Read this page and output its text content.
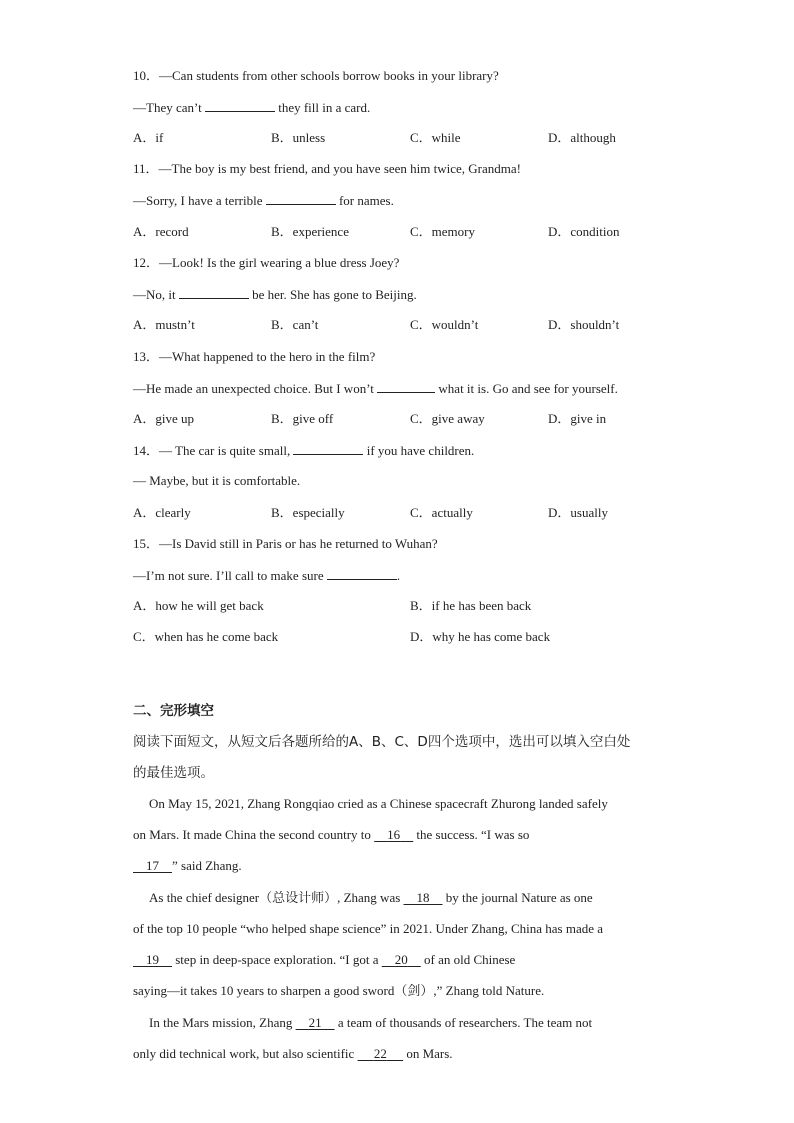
10．—Can students from other schools borrow books in your library?
—They can’t	they fill in a card.
A．if	B．unless	C．while	D．although
11．—The boy is my best friend, and you have seen him twice, Grandma!
—Sorry, I have a terrible	for names.
A．record	B．experience	C．memory	D．condition
12．—Look! Is the girl wearing a blue dress Joey?
—No, it	be her. She has gone to Beijing.
A．mustn’t	B．can’t	C．wouldn’t	D．shouldn’t
13．—What happened to the hero in the film?
—He made an unexpected choice. But I won’t	what it is. Go and see for yourself.
A．give up	B．give off	C．give away	D．give in
14．— The car is quite small,	if you have children.
— Maybe, but it is comfortable.
A．clearly	B．especially	C．actually	D．usually
15．—Is David still in Paris or has he returned to Wuhan?
—I’m not sure. I’ll call to make sure	.
A．how he will get back	B．if he has been back
C．when has he come back	D．why he has come back
二、完形填空
阅读下面短文，从短文后各题所给的A、B、C、D四个选项中，选出可以填入空白处
的最佳选项。
On May 15, 2021, Zhang Rongqiao cried as a Chinese spacecraft Zhurong landed safely
on Mars. It made China the second country to     16     the success. “I was so
17 ” said Zhang.
As the chief designer（总设计师）, Zhang was     18     by the journal Nature as one
of the top 10 people “who helped shape science” in 2021. Under Zhang, China has made a
19     step in deep-space exploration. “I got a     20     of an old Chinese
saying—it takes 10 years to sharpen a good sword（剑）,” Zhang told Nature.
In the Mars mission, Zhang     21     a team of thousands of researchers. The team not
only did technical work, but also scientific      22      on Mars.
